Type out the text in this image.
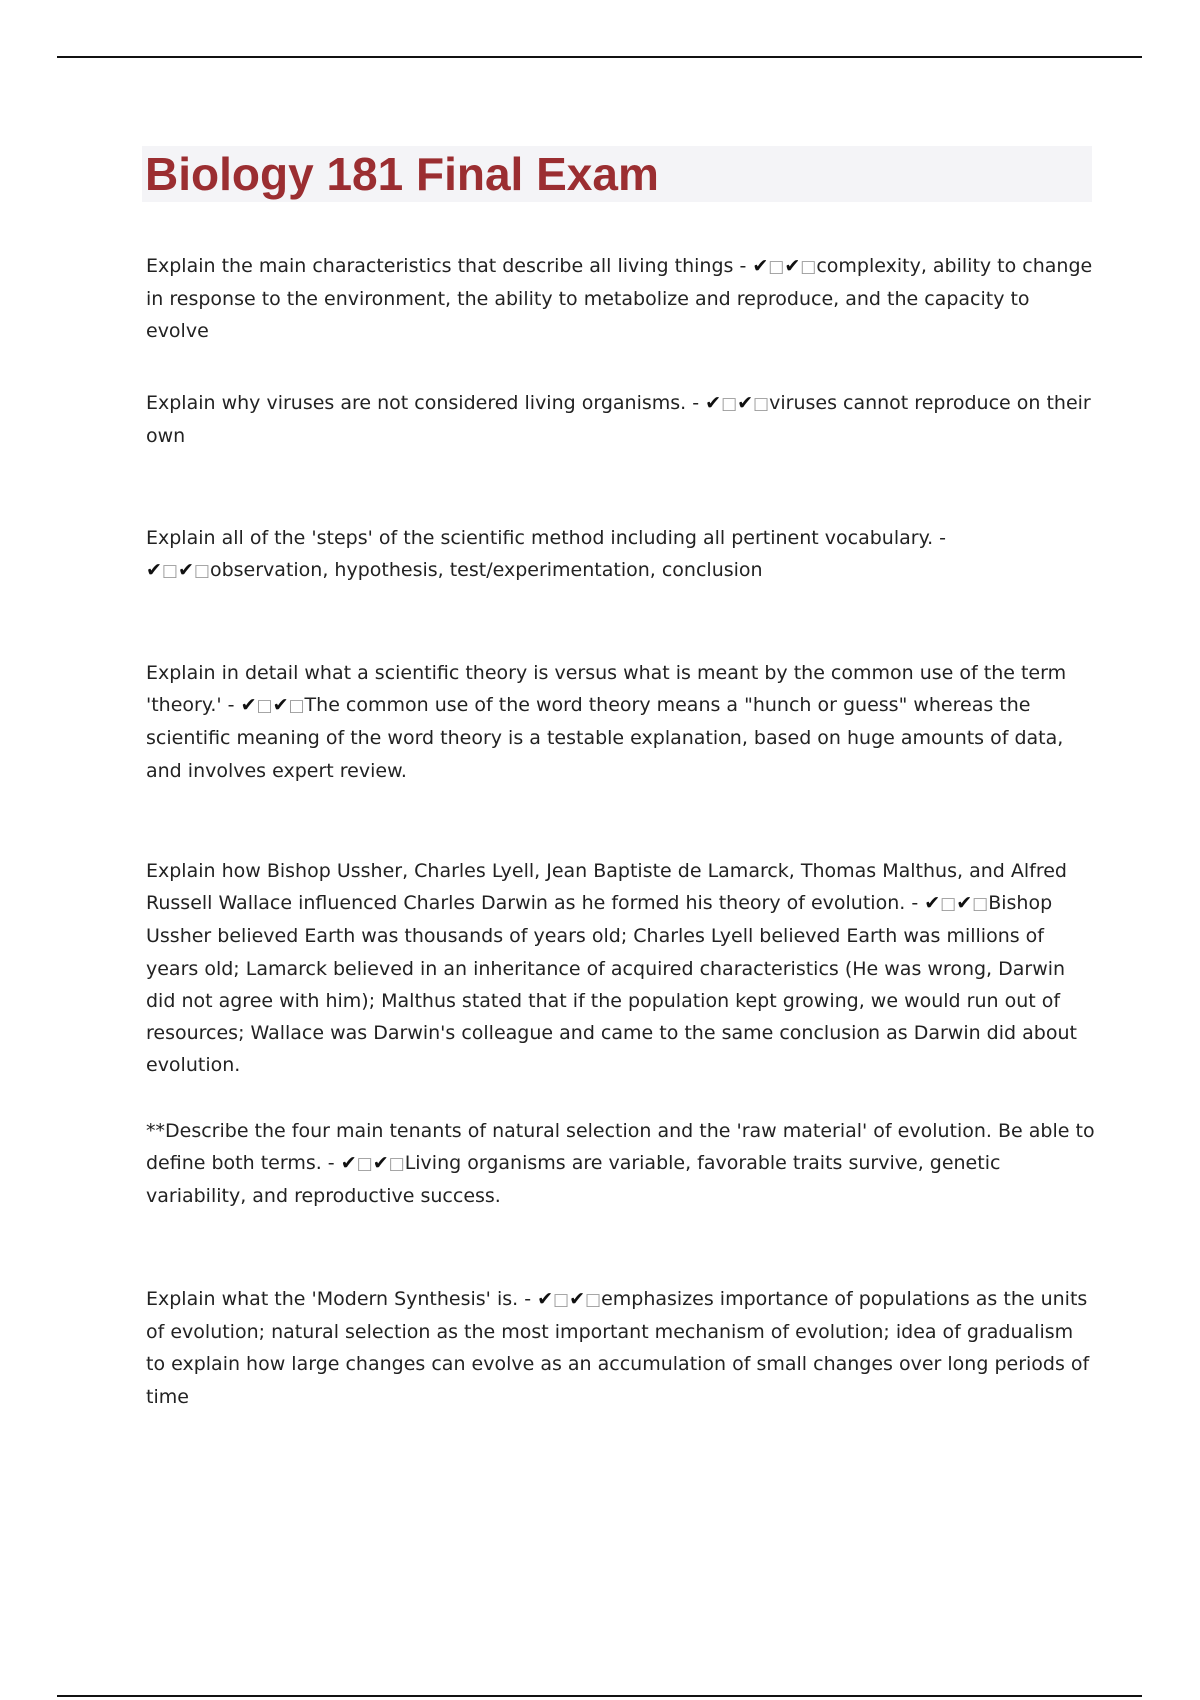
Biology 181 Final Exam

Explain the main characteristics that describe all living things - ✔□✔□complexity, ability to change in response to the environment, the ability to metabolize and reproduce, and the capacity to evolve

Explain why viruses are not considered living organisms. - ✔□✔□viruses cannot reproduce on their own

Explain all of the 'steps' of the scientific method including all pertinent vocabulary. - ✔□✔□observation, hypothesis, test/experimentation, conclusion

Explain in detail what a scientific theory is versus what is meant by the common use of the term 'theory.' - ✔□✔□The common use of the word theory means a "hunch or guess" whereas the scientific meaning of the word theory is a testable explanation, based on huge amounts of data, and involves expert review.

Explain how Bishop Ussher, Charles Lyell, Jean Baptiste de Lamarck, Thomas Malthus, and Alfred Russell Wallace influenced Charles Darwin as he formed his theory of evolution. - ✔□✔□Bishop Ussher believed Earth was thousands of years old; Charles Lyell believed Earth was millions of years old; Lamarck believed in an inheritance of acquired characteristics (He was wrong, Darwin did not agree with him); Malthus stated that if the population kept growing, we would run out of resources; Wallace was Darwin's colleague and came to the same conclusion as Darwin did about evolution.

**Describe the four main tenants of natural selection and the 'raw material' of evolution. Be able to define both terms. - ✔□✔□Living organisms are variable, favorable traits survive, genetic variability, and reproductive success.

Explain what the 'Modern Synthesis' is. - ✔□✔□emphasizes importance of populations as the units of evolution; natural selection as the most important mechanism of evolution; idea of gradualism to explain how large changes can evolve as an accumulation of small changes over long periods of time
